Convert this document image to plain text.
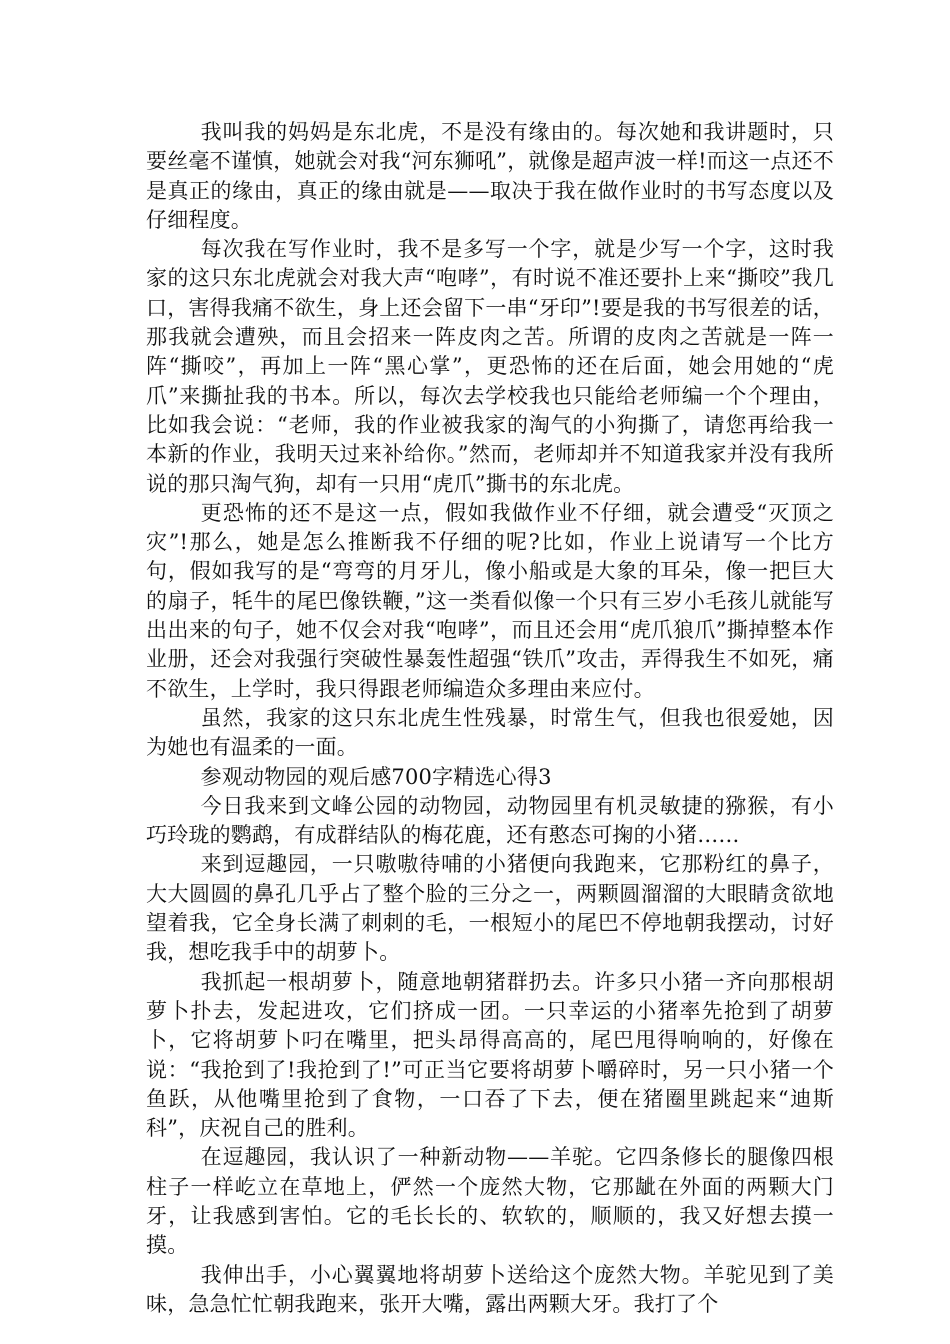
我叫我的妈妈是东北虎，不是没有缘由的。每次她和我讲题时，只要丝毫不谨慎，她就会对我“河东狮吼”，就像是超声波一样!而这一点还不是真正的缘由，真正的缘由就是——取决于我在做作业时的书写态度以及仔细程度。

每次我在写作业时，我不是多写一个字，就是少写一个字，这时我家的这只东北虎就会对我大声“咆哮”，有时说不准还要扑上来“撕咬”我几口，害得我痛不欲生，身上还会留下一串“牙印”!要是我的书写很差的话，那我就会遭殃，而且会招来一阵皮肉之苦。所谓的皮肉之苦就是一阵一阵“撕咬”，再加上一阵“黑心掌”，更恐怖的还在后面，她会用她的“虎爪”来撕扯我的书本。所以，每次去学校我也只能给老师编一个个理由，比如我会说：“老师，我的作业被我家的淘气的小狗撕了，请您再给我一本新的作业，我明天过来补给你。”然而，老师却并不知道我家并没有我所说的那只淘气狗，却有一只用“虎爪”撕书的东北虎。

更恐怖的还不是这一点，假如我做作业不仔细，就会遭受“灭顶之灾”!那么，她是怎么推断我不仔细的呢?比如，作业上说请写一个比方句，假如我写的是“弯弯的月牙儿，像小船或是大象的耳朵，像一把巨大的扇子，牦牛的尾巴像铁鞭，”这一类看似像一个只有三岁小毛孩儿就能写出出来的句子，她不仅会对我“咆哮”，而且还会用“虎爪狼爪”撕掉整本作业册，还会对我强行突破性暴轰性超强“铁爪”攻击，弄得我生不如死，痛不欲生，上学时，我只得跟老师编造众多理由来应付。

虽然，我家的这只东北虎生性残暴，时常生气，但我也很爱她，因为她也有温柔的一面。

参观动物园的观后感700字精选心得3

今日我来到文峰公园的动物园，动物园里有机灵敏捷的猕猴，有小巧玲珑的鹦鹉，有成群结队的梅花鹿，还有憨态可掬的小猪……

来到逗趣园，一只嗷嗷待哺的小猪便向我跑来，它那粉红的鼻子，大大圆圆的鼻孔几乎占了整个脸的三分之一，两颗圆溜溜的大眼睛贪欲地望着我，它全身长满了刺刺的毛，一根短小的尾巴不停地朝我摆动，讨好我，想吃我手中的胡萝卜。

我抓起一根胡萝卜，随意地朝猪群扔去。许多只小猪一齐向那根胡萝卜扑去，发起进攻，它们挤成一团。一只幸运的小猪率先抢到了胡萝卜，它将胡萝卜叼在嘴里，把头昂得高高的，尾巴甩得响响的，好像在说：“我抢到了!我抢到了!”可正当它要将胡萝卜嚼碎时，另一只小猪一个鱼跃，从他嘴里抢到了食物，一口吞了下去，便在猪圈里跳起来“迪斯科”，庆祝自己的胜利。

在逗趣园，我认识了一种新动物——羊驼。它四条修长的腿像四根柱子一样屹立在草地上，俨然一个庞然大物，它那龇在外面的两颗大门牙，让我感到害怕。它的毛长长的、软软的，顺顺的，我又好想去摸一摸。

我伸出手，小心翼翼地将胡萝卜送给这个庞然大物。羊驼见到了美味，急急忙忙朝我跑来，张开大嘴，露出两颗大牙。我打了个
